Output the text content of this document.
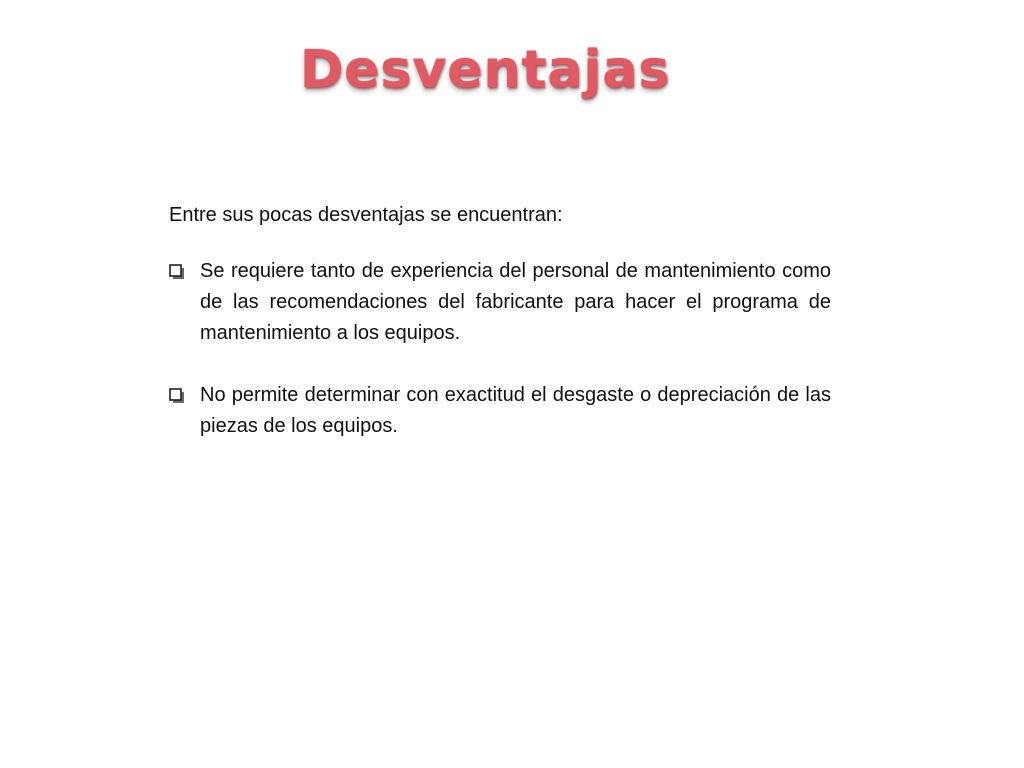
Desventajas

Entre sus pocas desventajas se encuentran:

Se requiere tanto de experiencia del personal de mantenimiento como de las recomendaciones del fabricante para hacer el programa de mantenimiento a los equipos.
No permite determinar con exactitud el desgaste o depreciación de las piezas de los equipos.
